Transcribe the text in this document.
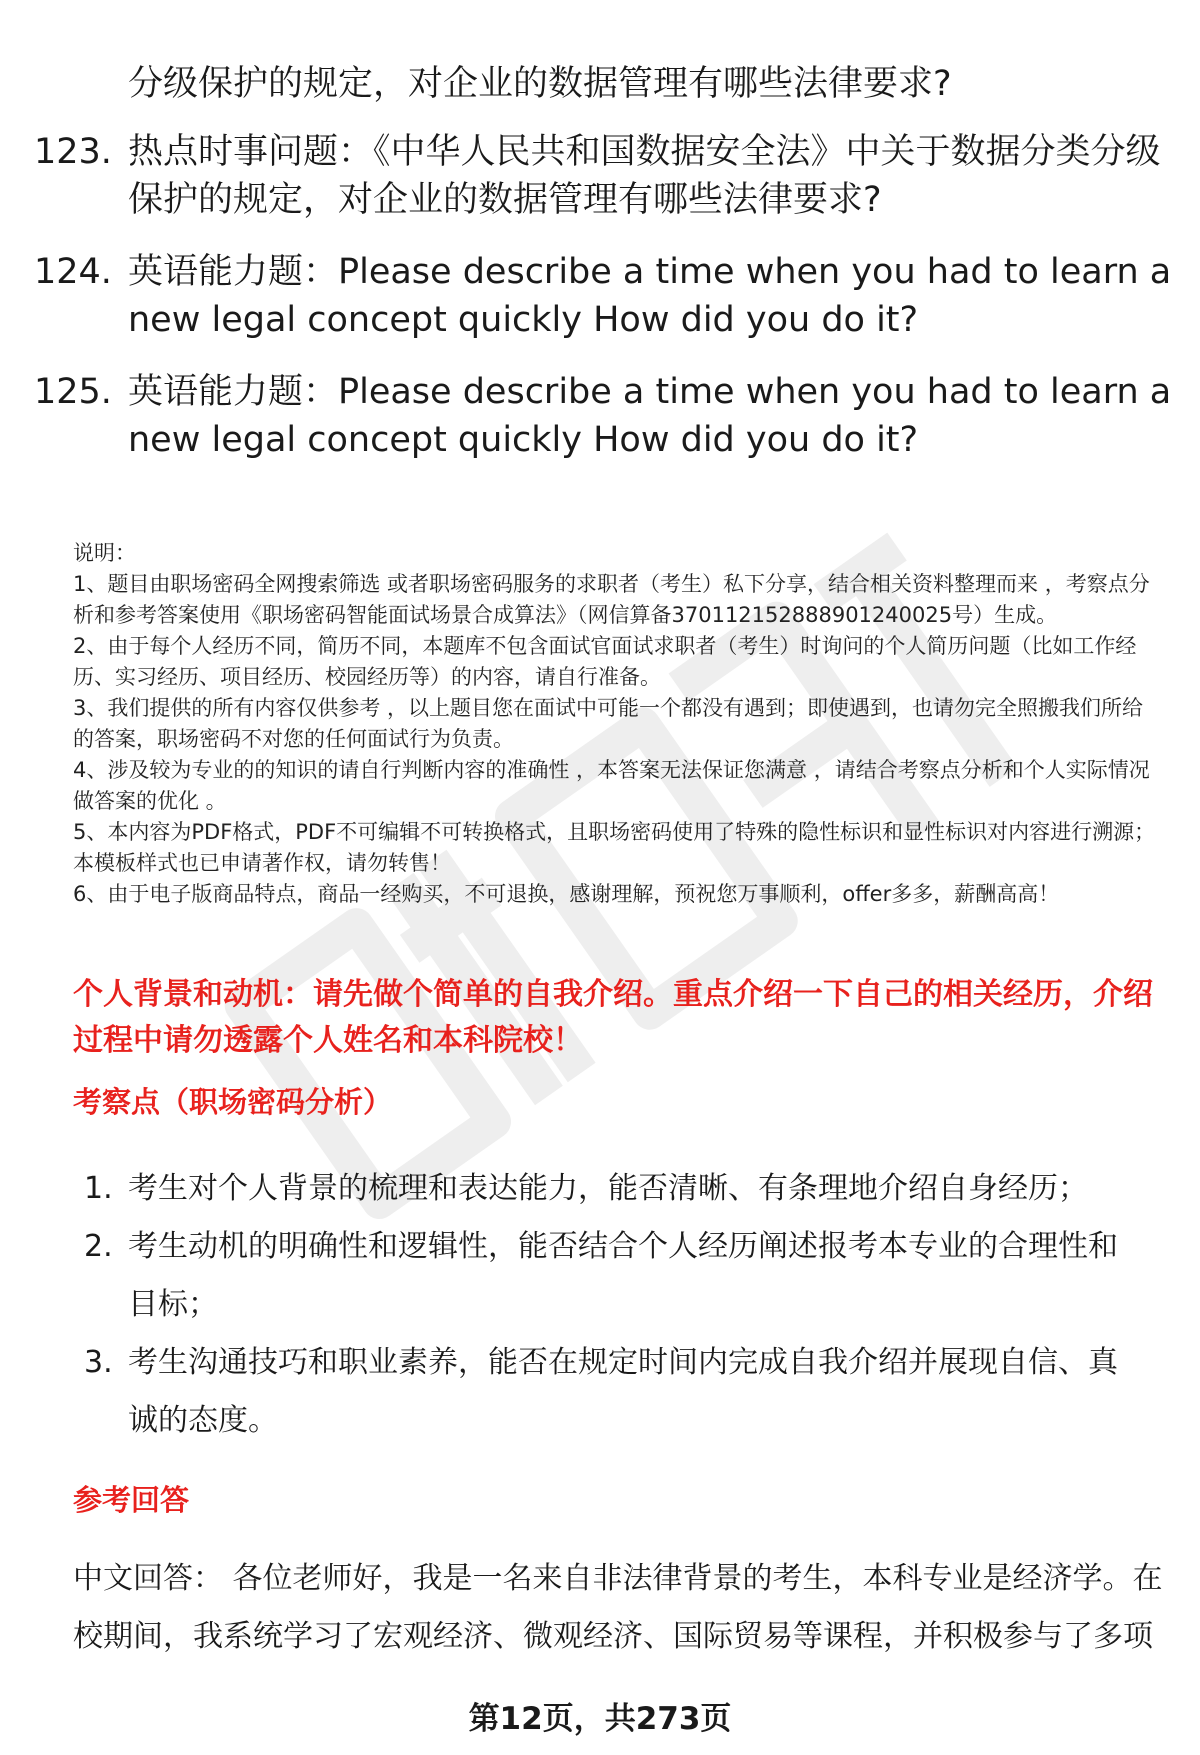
分级保护的规定，对企业的数据管理有哪些法律要求?
123. 热点时事问题：《中华人民共和国数据安全法》中关于数据分类分级保护的规定，对企业的数据管理有哪些法律要求?
124. 英语能力题：Please describe a time when you had to learn a new legal concept quickly How did you do it?
125. 英语能力题：Please describe a time when you had to learn a new legal concept quickly How did you do it?

说明：

1、题目由职场密码全网搜索筛选 或者职场密码服务的求职者（考生）私下分享，结合相关资料整理而来 ，考察点分析和参考答案使用《职场密码智能面试场景合成算法》（网信算备370112152888901240025号）生成。

2、由于每个人经历不同，简历不同，本题库不包含面试官面试求职者（考生）时询问的个人简历问题（比如工作经历、实习经历、项目经历、校园经历等）的内容，请自行准备。

3、我们提供的所有内容仅供参考 ，以上题目您在面试中可能一个都没有遇到；即使遇到，也请勿完全照搬我们所给的答案，职场密码不对您的任何面试行为负责。

4、涉及较为专业的的知识的请自行判断内容的准确性 ，本答案无法保证您满意 ，请结合考察点分析和个人实际情况做答案的优化 。

5、本内容为PDF格式，PDF不可编辑不可转换格式，且职场密码使用了特殊的隐性标识和显性标识对内容进行溯源；本模板样式也已申请著作权，请勿转售！

6、由于电子版商品特点，商品一经购买，不可退换，感谢理解，预祝您万事顺利，offer多多，薪酬高高！

个人背景和动机：请先做个简单的自我介绍。重点介绍一下自己的相关经历，介绍过程中请勿透露个人姓名和本科院校！
考察点（职场密码分析）
1. 考生对个人背景的梳理和表达能力，能否清晰、有条理地介绍自身经历；
2. 考生动机的明确性和逻辑性，能否结合个人经历阐述报考本专业的合理性和目标；
3. 考生沟通技巧和职业素养，能否在规定时间内完成自我介绍并展现自信、真诚的态度。
参考回答
中文回答： 各位老师好，我是一名来自非法律背景的考生，本科专业是经济学。在校期间，我系统学习了宏观经济、微观经济、国际贸易等课程，并积极参与了多项
第12页，共273页
